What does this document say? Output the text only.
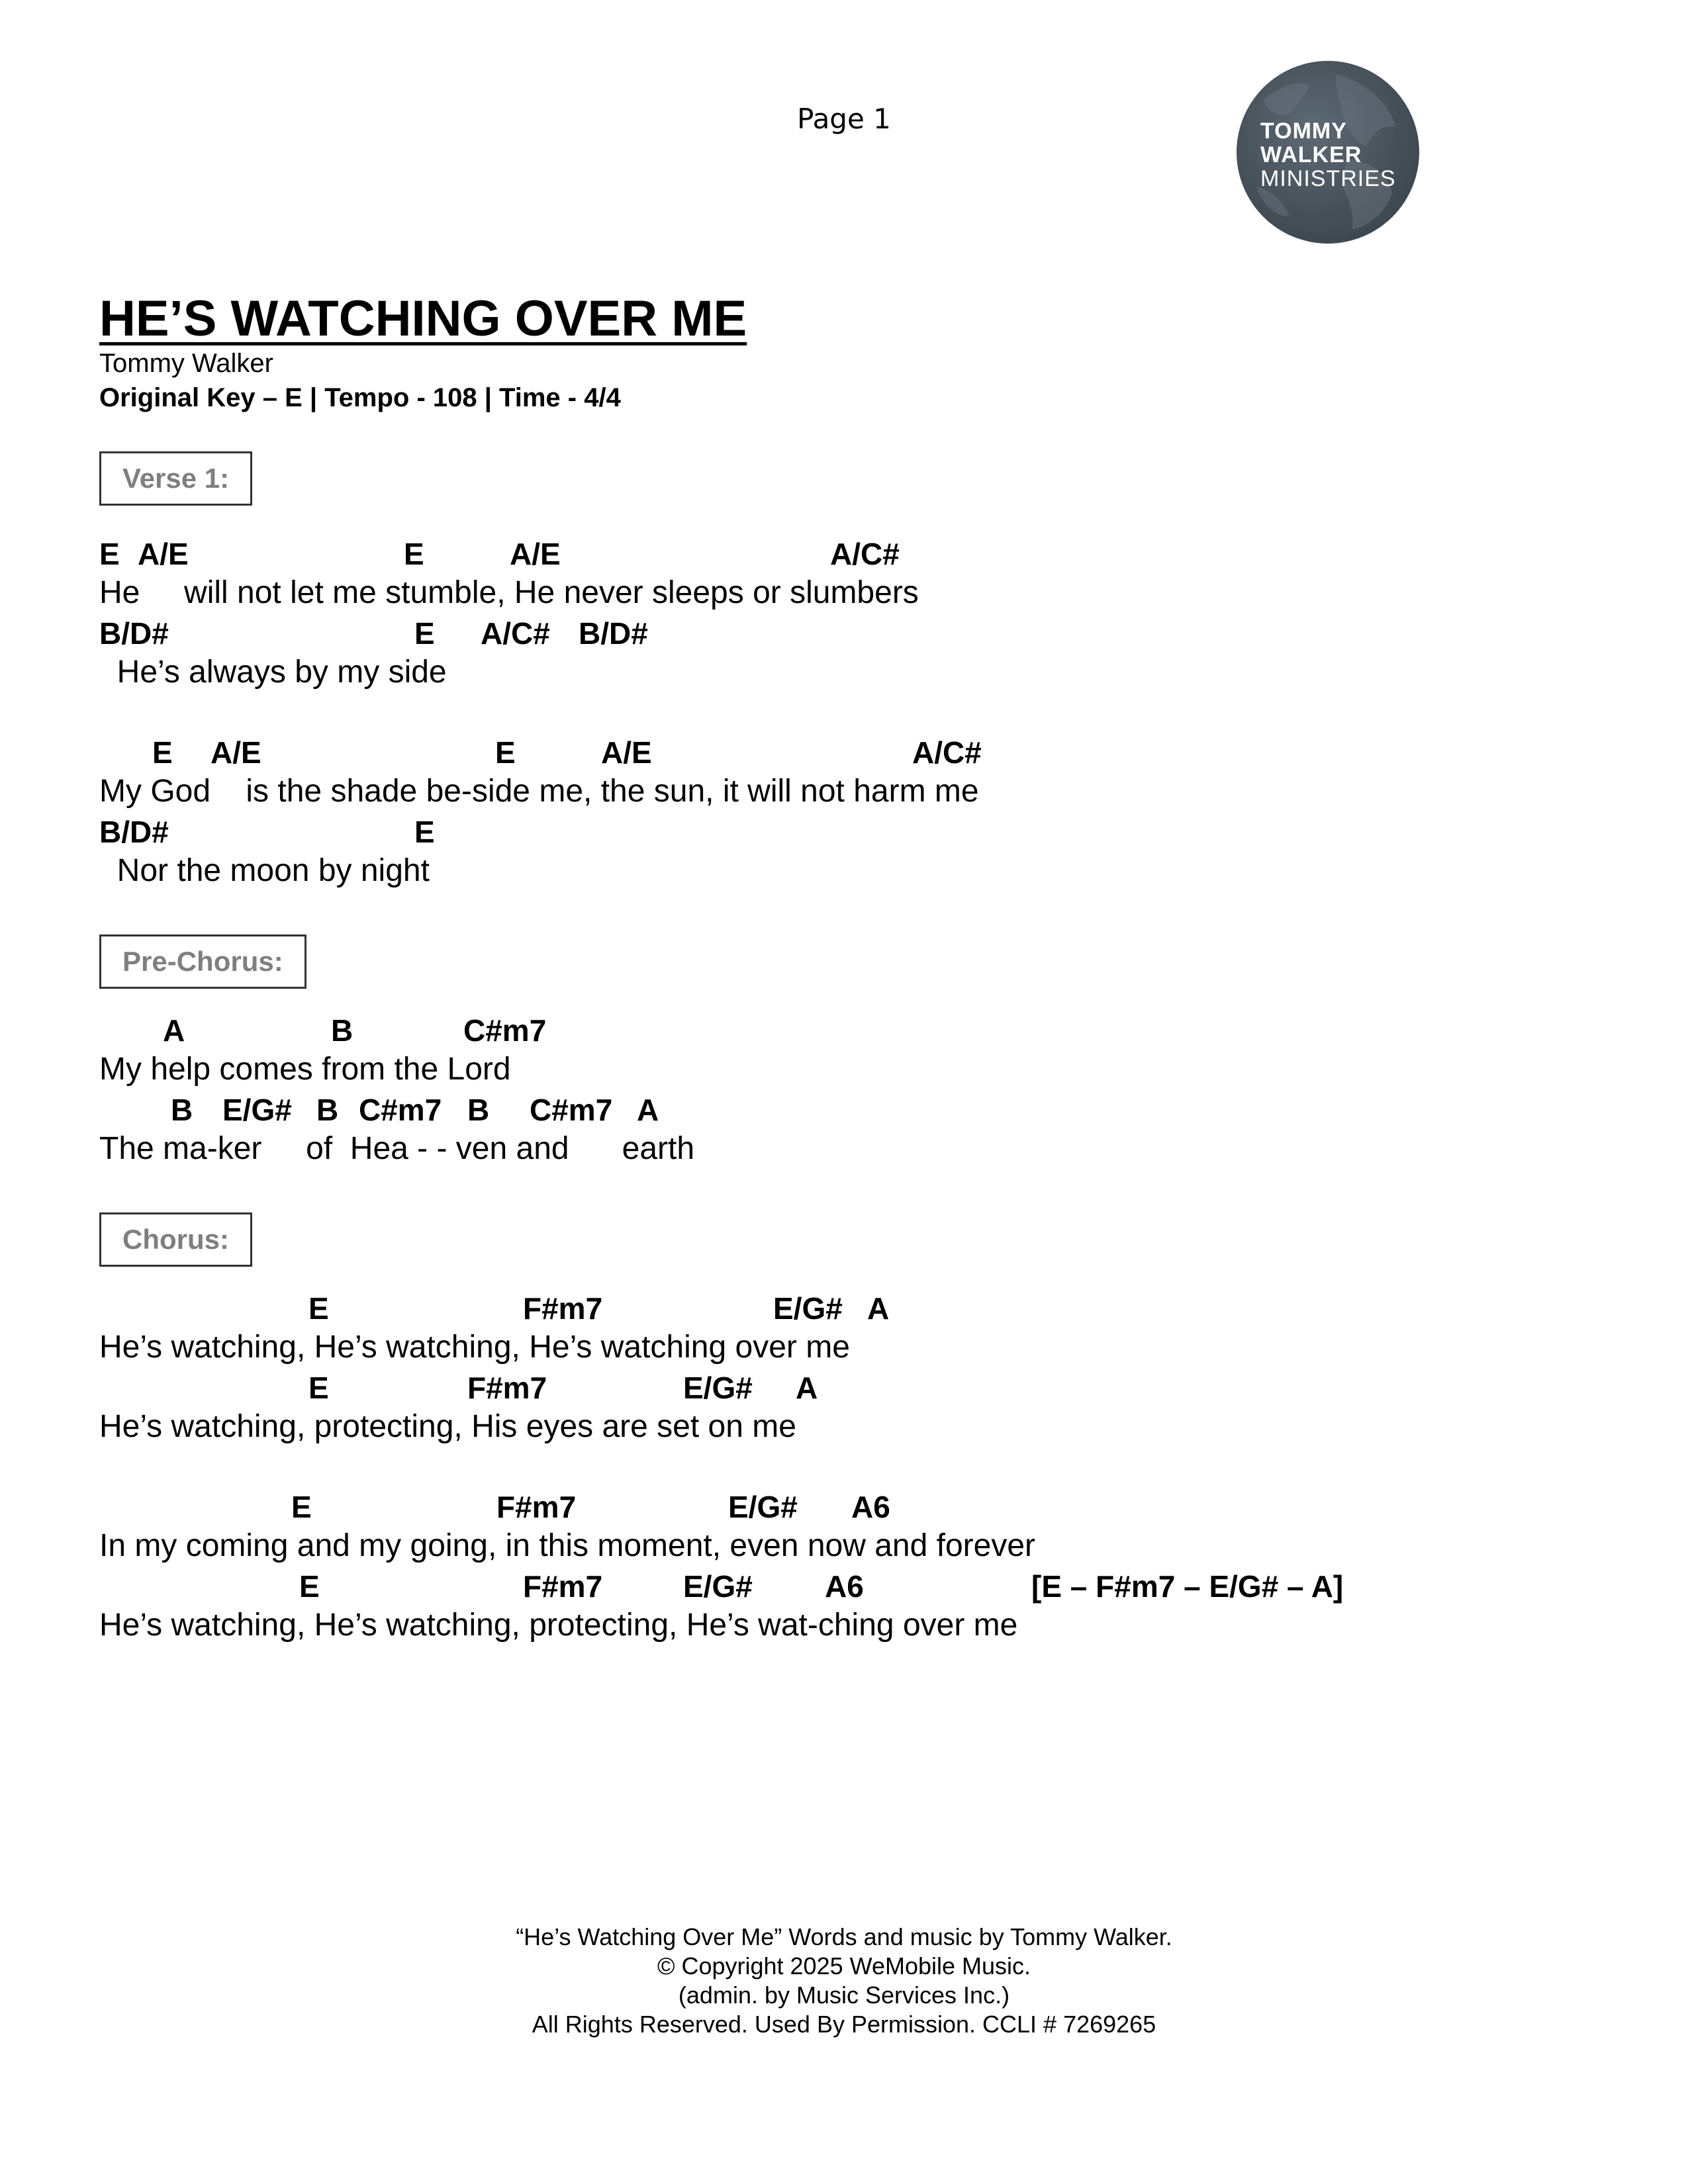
Page 1	TOMMY
WALKER
MINISTRIES
HE’S WATCHING OVER ME
Tommy Walker
Original Key – E | Tempo - 108 | Time - 4/4
Verse 1:
E A/E	E	A/E	A/C#
He     will not let me stumble, He never sleeps or slumbers
B/D#	E A/C# B/D#
He’s always by my side
E A/E	E	A/E	A/C#
My God    is the shade be-side me, the sun, it will not harm me
B/D#	E
Nor the moon by night
Pre-Chorus:
A	B	C#m7
My help comes from the Lord
B E/G# B C#m7 B C#m7 A
The ma-ker     of  Hea - - ven and      earth
Chorus:
E	F#m7	E/G# A
He’s watching, He’s watching, He’s watching over me
E	F#m7	E/G# A
He’s watching, protecting, His eyes are set on me
E	F#m7	E/G# A6
In my coming and my going, in this moment, even now and forever
E	F#m7	E/G# A6	[E – F#m7 – E/G# – A]
He’s watching, He’s watching, protecting, He’s wat-ching over me
“He’s Watching Over Me” Words and music by Tommy Walker.
© Copyright 2025 WeMobile Music.
(admin. by Music Services Inc.)
All Rights Reserved. Used By Permission. CCLI # 7269265
